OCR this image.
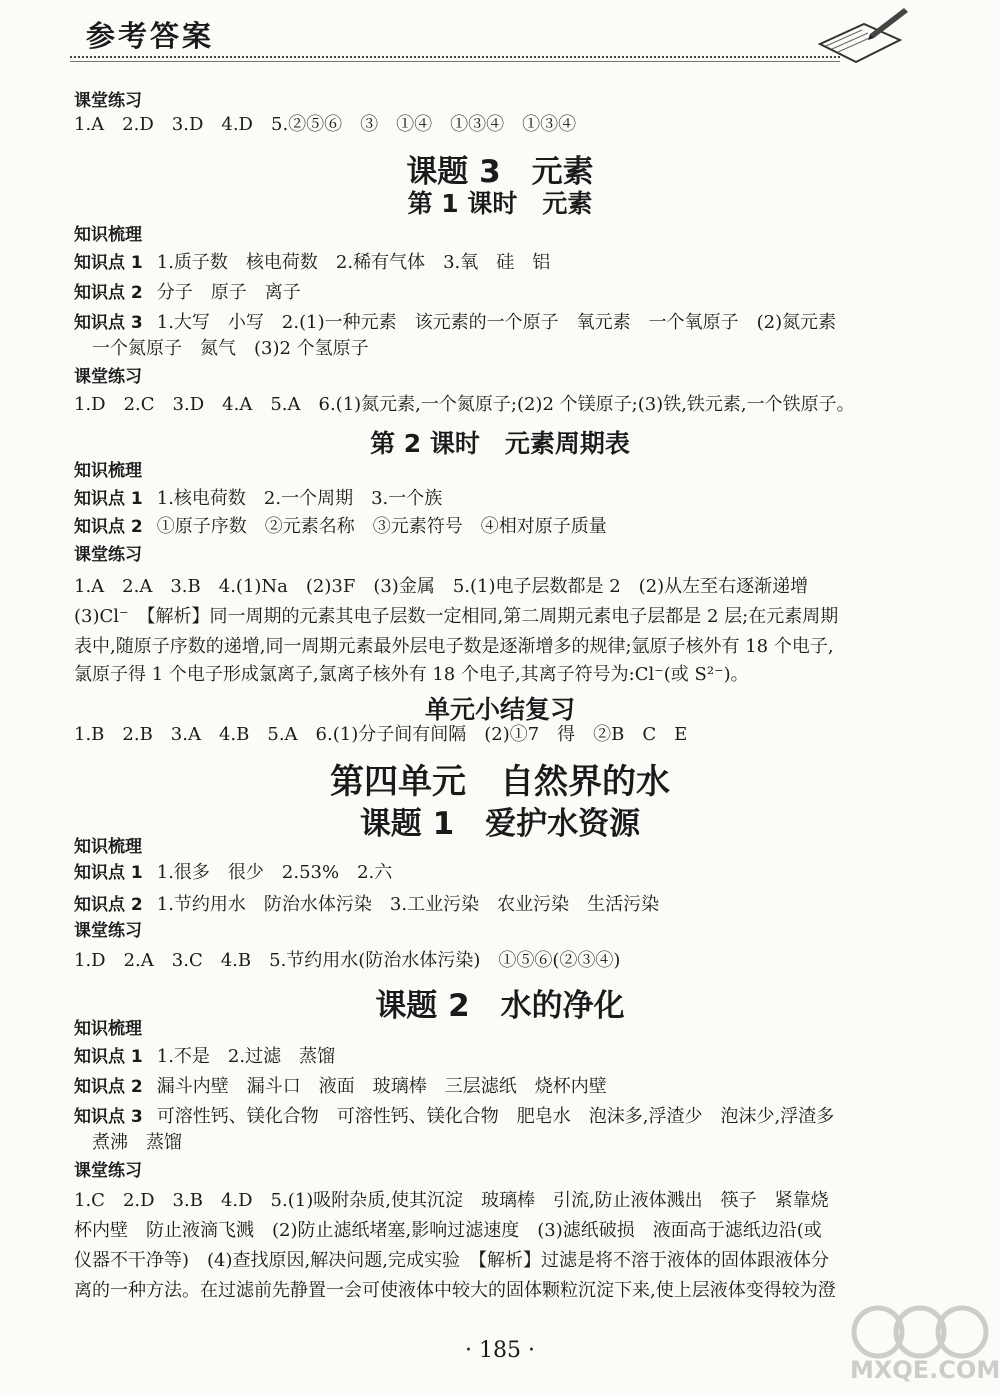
参考答案
课堂练习
1.A　2.D　3.D　4.D　5.②⑤⑥　③　①④　①③④　①③④
课题 3　元素
第 1 课时　元素
知识梳理
知识点 1 1.质子数　核电荷数　2.稀有气体　3.氧　硅　铝
知识点 2 分子　原子　离子
知识点 3 1.大写　小写　2.(1)一种元素　该元素的一个原子　氧元素　一个氧原子　(2)氮元素
一个氮原子　氮气　(3)2 个氢原子
课堂练习
1.D　2.C　3.D　4.A　5.A　6.(1)氮元素,一个氮原子;(2)2 个镁原子;(3)铁,铁元素,一个铁原子。
第 2 课时　元素周期表
知识梳理
知识点 1 1.核电荷数　2.一个周期　3.一个族
知识点 2 ①原子序数　②元素名称　③元素符号　④相对原子质量
课堂练习
1.A　2.A　3.B　4.(1)Na　(2)3F　(3)金属　5.(1)电子层数都是 2　(2)从左至右逐渐递增
(3)Cl⁻　【解析】同一周期的元素其电子层数一定相同,第二周期元素电子层都是 2 层;在元素周期
表中,随原子序数的递增,同一周期元素最外层电子数是逐渐增多的规律;氩原子核外有 18 个电子,
氯原子得 1 个电子形成氯离子,氯离子核外有 18 个电子,其离子符号为:Cl⁻(或 S²⁻)。
单元小结复习
1.B　2.B　3.A　4.B　5.A　6.(1)分子间有间隔　(2)①7　得　②B　C　E
第四单元　自然界的水
课题 1　爱护水资源
知识梳理
知识点 1 1.很多　很少　2.53%　2.六
知识点 2 1.节约用水　防治水体污染　3.工业污染　农业污染　生活污染
课堂练习
1.D　2.A　3.C　4.B　5.节约用水(防治水体污染)　①⑤⑥(②③④)
课题 2　水的净化
知识梳理
知识点 1 1.不是　2.过滤　蒸馏
知识点 2 漏斗内壁　漏斗口　液面　玻璃棒　三层滤纸　烧杯内壁
知识点 3 可溶性钙、镁化合物　可溶性钙、镁化合物　肥皂水　泡沫多,浮渣少　泡沫少,浮渣多
煮沸　蒸馏
课堂练习
1.C　2.D　3.B　4.D　5.(1)吸附杂质,使其沉淀　玻璃棒　引流,防止液体溅出　筷子　紧靠烧
杯内壁　防止液滴飞溅　(2)防止滤纸堵塞,影响过滤速度　(3)滤纸破损　液面高于滤纸边沿(或
仪器不干净等)　(4)查找原因,解决问题,完成实验　【解析】过滤是将不溶于液体的固体跟液体分
离的一种方法。在过滤前先静置一会可使液体中较大的固体颗粒沉淀下来,使上层液体变得较为澄
· 185 ·
MXQE.COM
